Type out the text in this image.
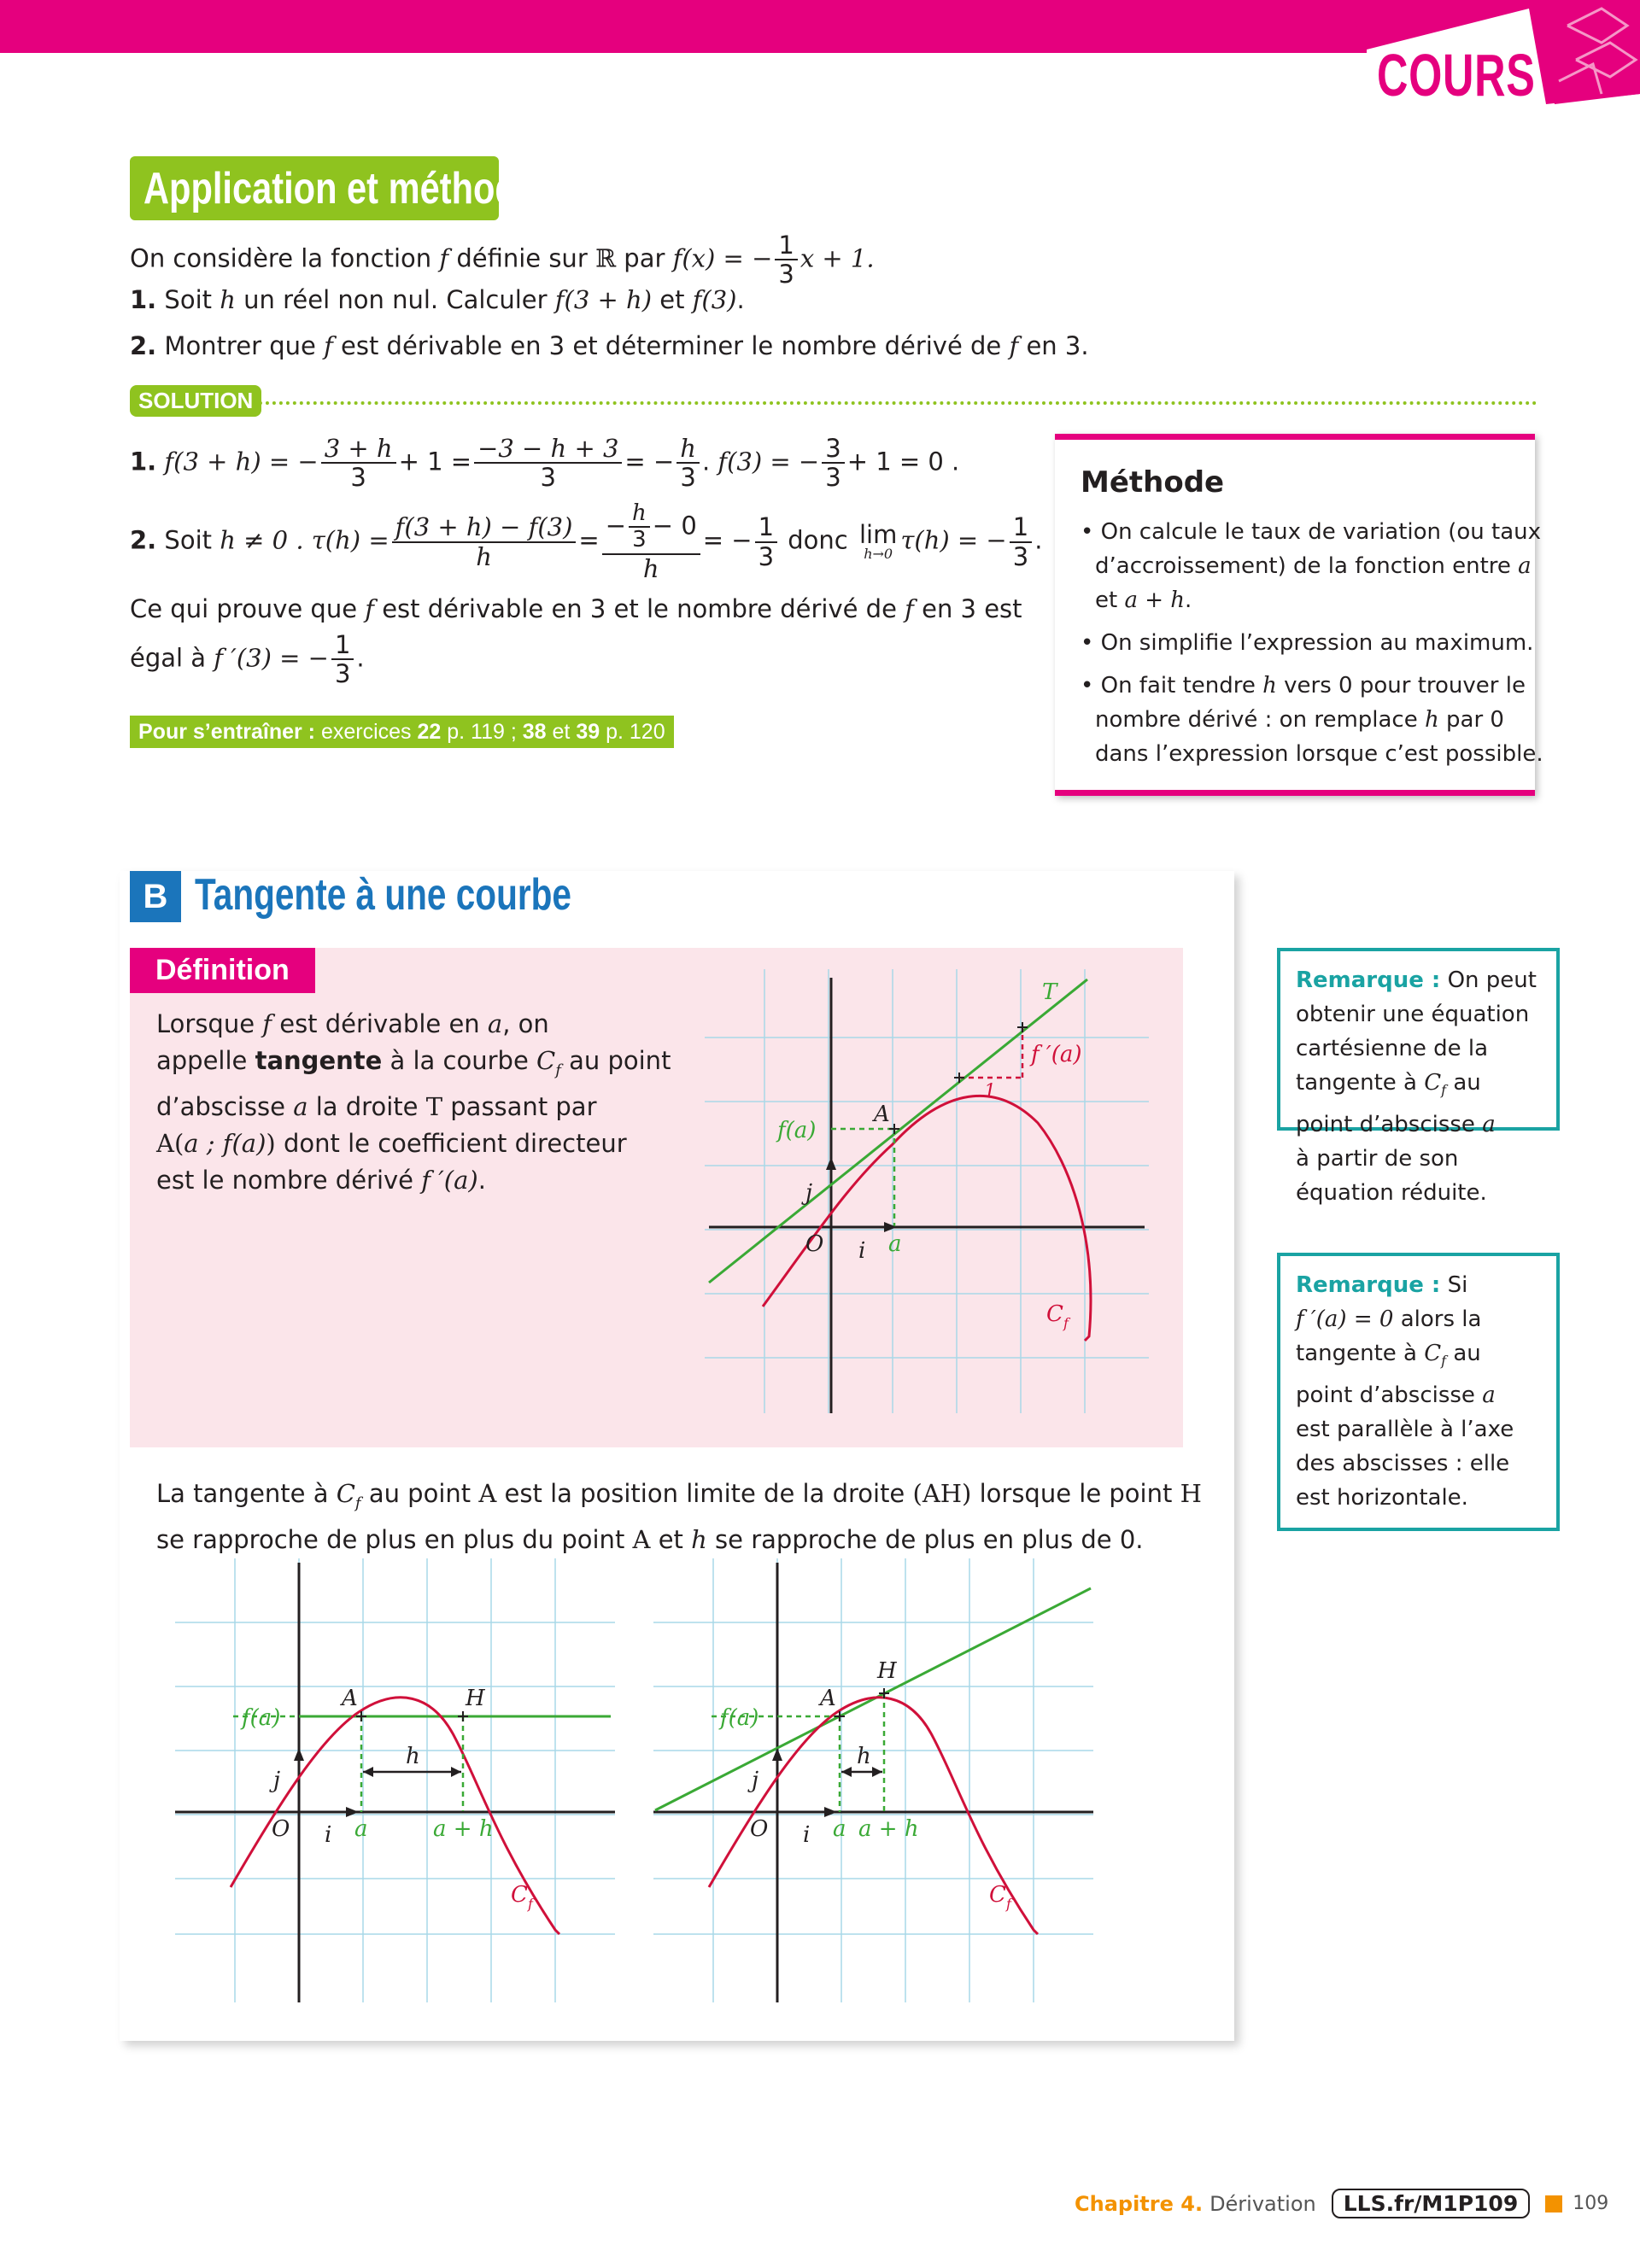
COURS
Application et méthode
On considère la fonction f définie sur ℝ par f(x) = − $\frac{1}{3}$ x + 1.
1. Soit h un réel non nul. Calculer f(3 + h) et f(3).
2. Montrer que f est dérivable en 3 et déterminer le nombre dérivé de f en 3.
SOLUTION
1. f(3 + h) = − $\frac{3 + h}{3} + 1 = \frac{-3 - h + 3}{3}$ = − $\frac{h}{3}$ . f(3) = − $\frac{3}{3} + 1 = 0$ .
2. Soit h ≠ 0 . $\tau(h) = \frac{f(3 + h) - f(3)}{h} = \frac{- \frac{h}{3} - 0}{h}$ = − $\frac{1}{3}$ donc lim
h→0 τ(h) = − $\frac{1}{3}$ .
Ce qui prouve que f est dérivable en 3 et le nombre dérivé de f en 3 est
égal à f ′(3) = − $\frac{1}{3}$ .
Pour s’entraîner :
exercices
22
p. 119 ;
38
et
39
p. 120
Méthode
• On calcule le taux de variation (ou taux
d’accroissement) de la fonction entre a
et a + h.
• On simplifie l’expression au maximum.
• On fait tendre h vers 0 pour trouver le
nombre dérivé : on remplace h par 0
dans l’expression lorsque c’est possible.
B Tangente à une courbe
Définition
Lorsque f est dérivable en a, on
appelle tangente à la courbe $C_f$ au point
d’abscisse a la droite T passant par
A(a ; f(a)) dont le coefficient directeur
est le nombre dérivé f ′(a).
T
f ′(a)
1
A
f(a)
j
O i a
C f
Remarque : On peut
obtenir une équation
cartésienne de la
tangente à $C_f$ au
point d’abscisse a
à partir de son
équation réduite.
Remarque : Si
f ′(a) = 0 alors la
tangente à $C_f$ au
point d’abscisse a
est parallèle à l’axe
des abscisses : elle
est horizontale.
La tangente à $C_f$ au point A est la position limite de la droite (AH) lorsque le point H
se rapproche de plus en plus du point A et h se rapproche de plus en plus de 0.
A	H
f(a)
h
j
O i a	a + h
C f
A
H
f(a)
h
j
O i a a + h
C f
Chapitre 4. Dérivation	LLS.fr/M1P109	109
